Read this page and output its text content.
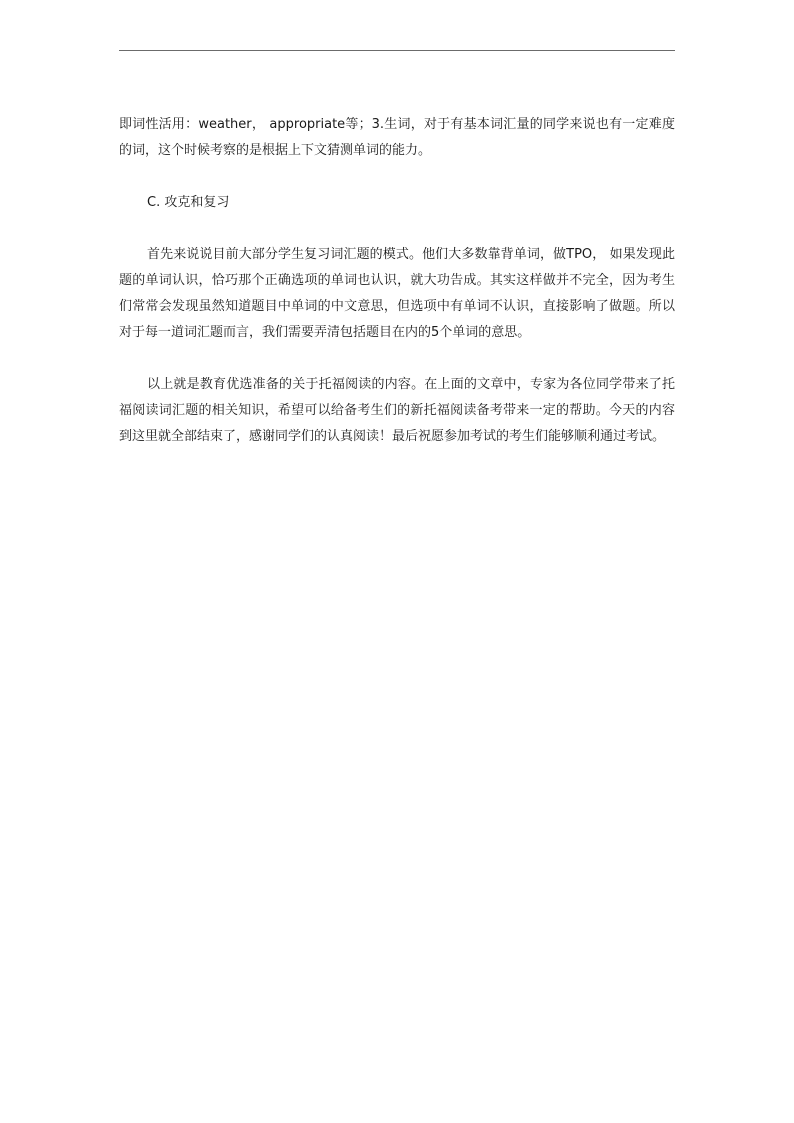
即词性活用：weather， appropriate等；3.生词，对于有基本词汇量的同学来说也有一定难度的词，这个时候考察的是根据上下文猜测单词的能力。

C. 攻克和复习

首先来说说目前大部分学生复习词汇题的模式。他们大多数靠背单词，做TPO， 如果发现此题的单词认识，恰巧那个正确选项的单词也认识，就大功告成。其实这样做并不完全，因为考生们常常会发现虽然知道题目中单词的中文意思，但选项中有单词不认识，直接影响了做题。所以对于每一道词汇题而言，我们需要弄清包括题目在内的5个单词的意思。

以上就是教育优选准备的关于托福阅读的内容。在上面的文章中，专家为各位同学带来了托福阅读词汇题的相关知识，希望可以给备考生们的新托福阅读备考带来一定的帮助。今天的内容到这里就全部结束了，感谢同学们的认真阅读！最后祝愿参加考试的考生们能够顺利通过考试。
